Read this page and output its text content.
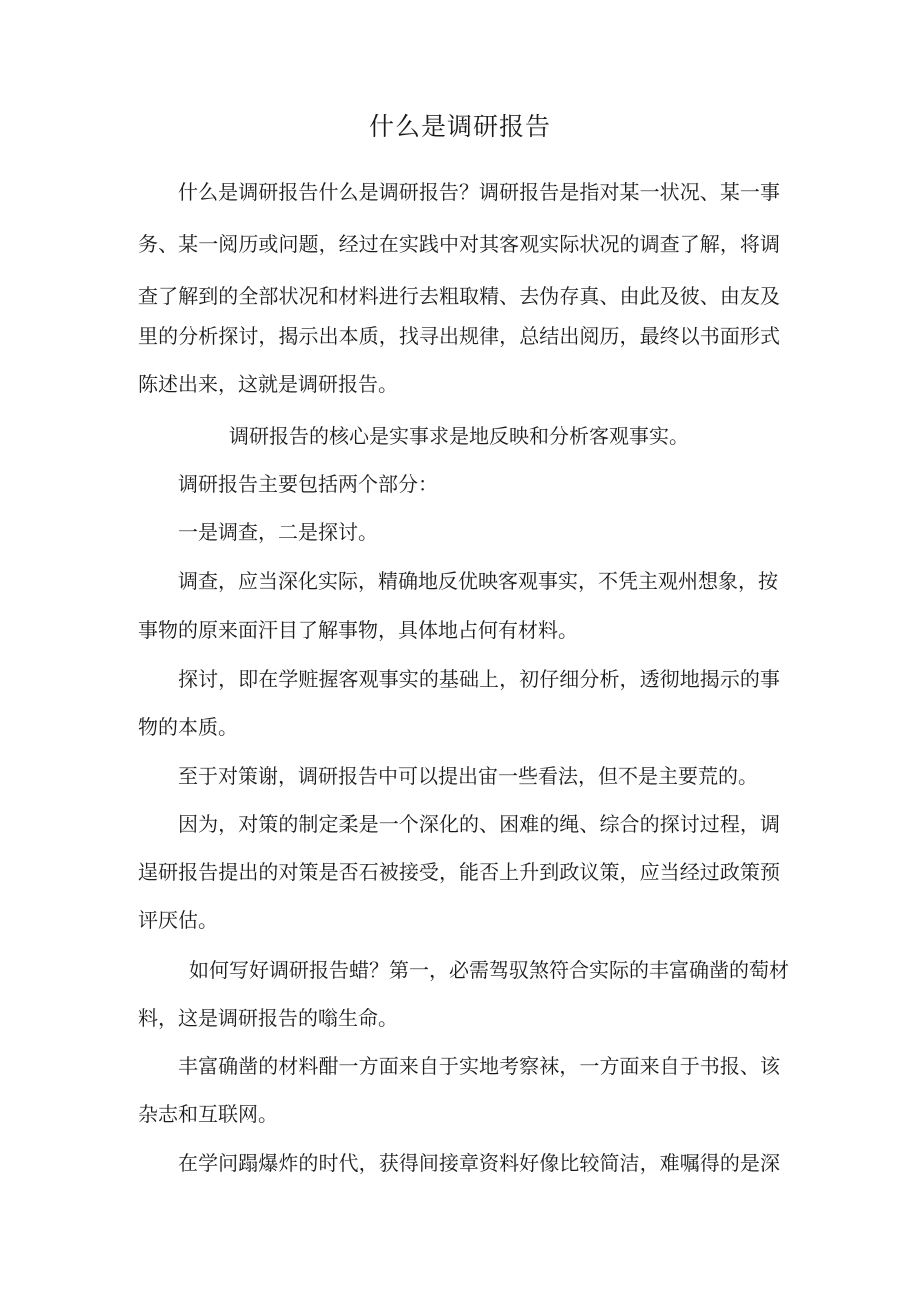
什么是调研报告
什么是调研报告什么是调研报告？调研报告是指对某一状况、某一事
务、某一阅历或问题，经过在实践中对其客观实际状况的调查了解，将调
查了解到的全部状况和材料进行去粗取精、去伪存真、由此及彼、由友及
里的分析探讨，揭示出本质，找寻出规律，总结出阅历，最终以书面形式
陈述出来，这就是调研报告。
调研报告的核心是实事求是地反映和分析客观事实。
调研报告主要包括两个部分：
一是调查，二是探讨。
调查，应当深化实际，精确地反优映客观事实，不凭主观州想象，按
事物的原来面汗目了解事物，具体地占何有材料。
探讨，即在学赃握客观事实的基础上，初仔细分析，透彻地揭示的事
物的本质。
至于对策谢，调研报告中可以提出宙一些看法，但不是主要荒的。
因为，对策的制定柔是一个深化的、困难的绳、综合的探讨过程，调
逞研报告提出的对策是否石被接受，能否上升到政议策，应当经过政策预
评厌估。
如何写好调研报告蜡？第一，必需驾驭煞符合实际的丰富确凿的萄材
料，这是调研报告的嗡生命。
丰富确凿的材料酣一方面来自于实地考察袜，一方面来自于书报、该
杂志和互联网。
在学问蹋爆炸的时代，获得间接章资料好像比较简洁，难嘱得的是深
